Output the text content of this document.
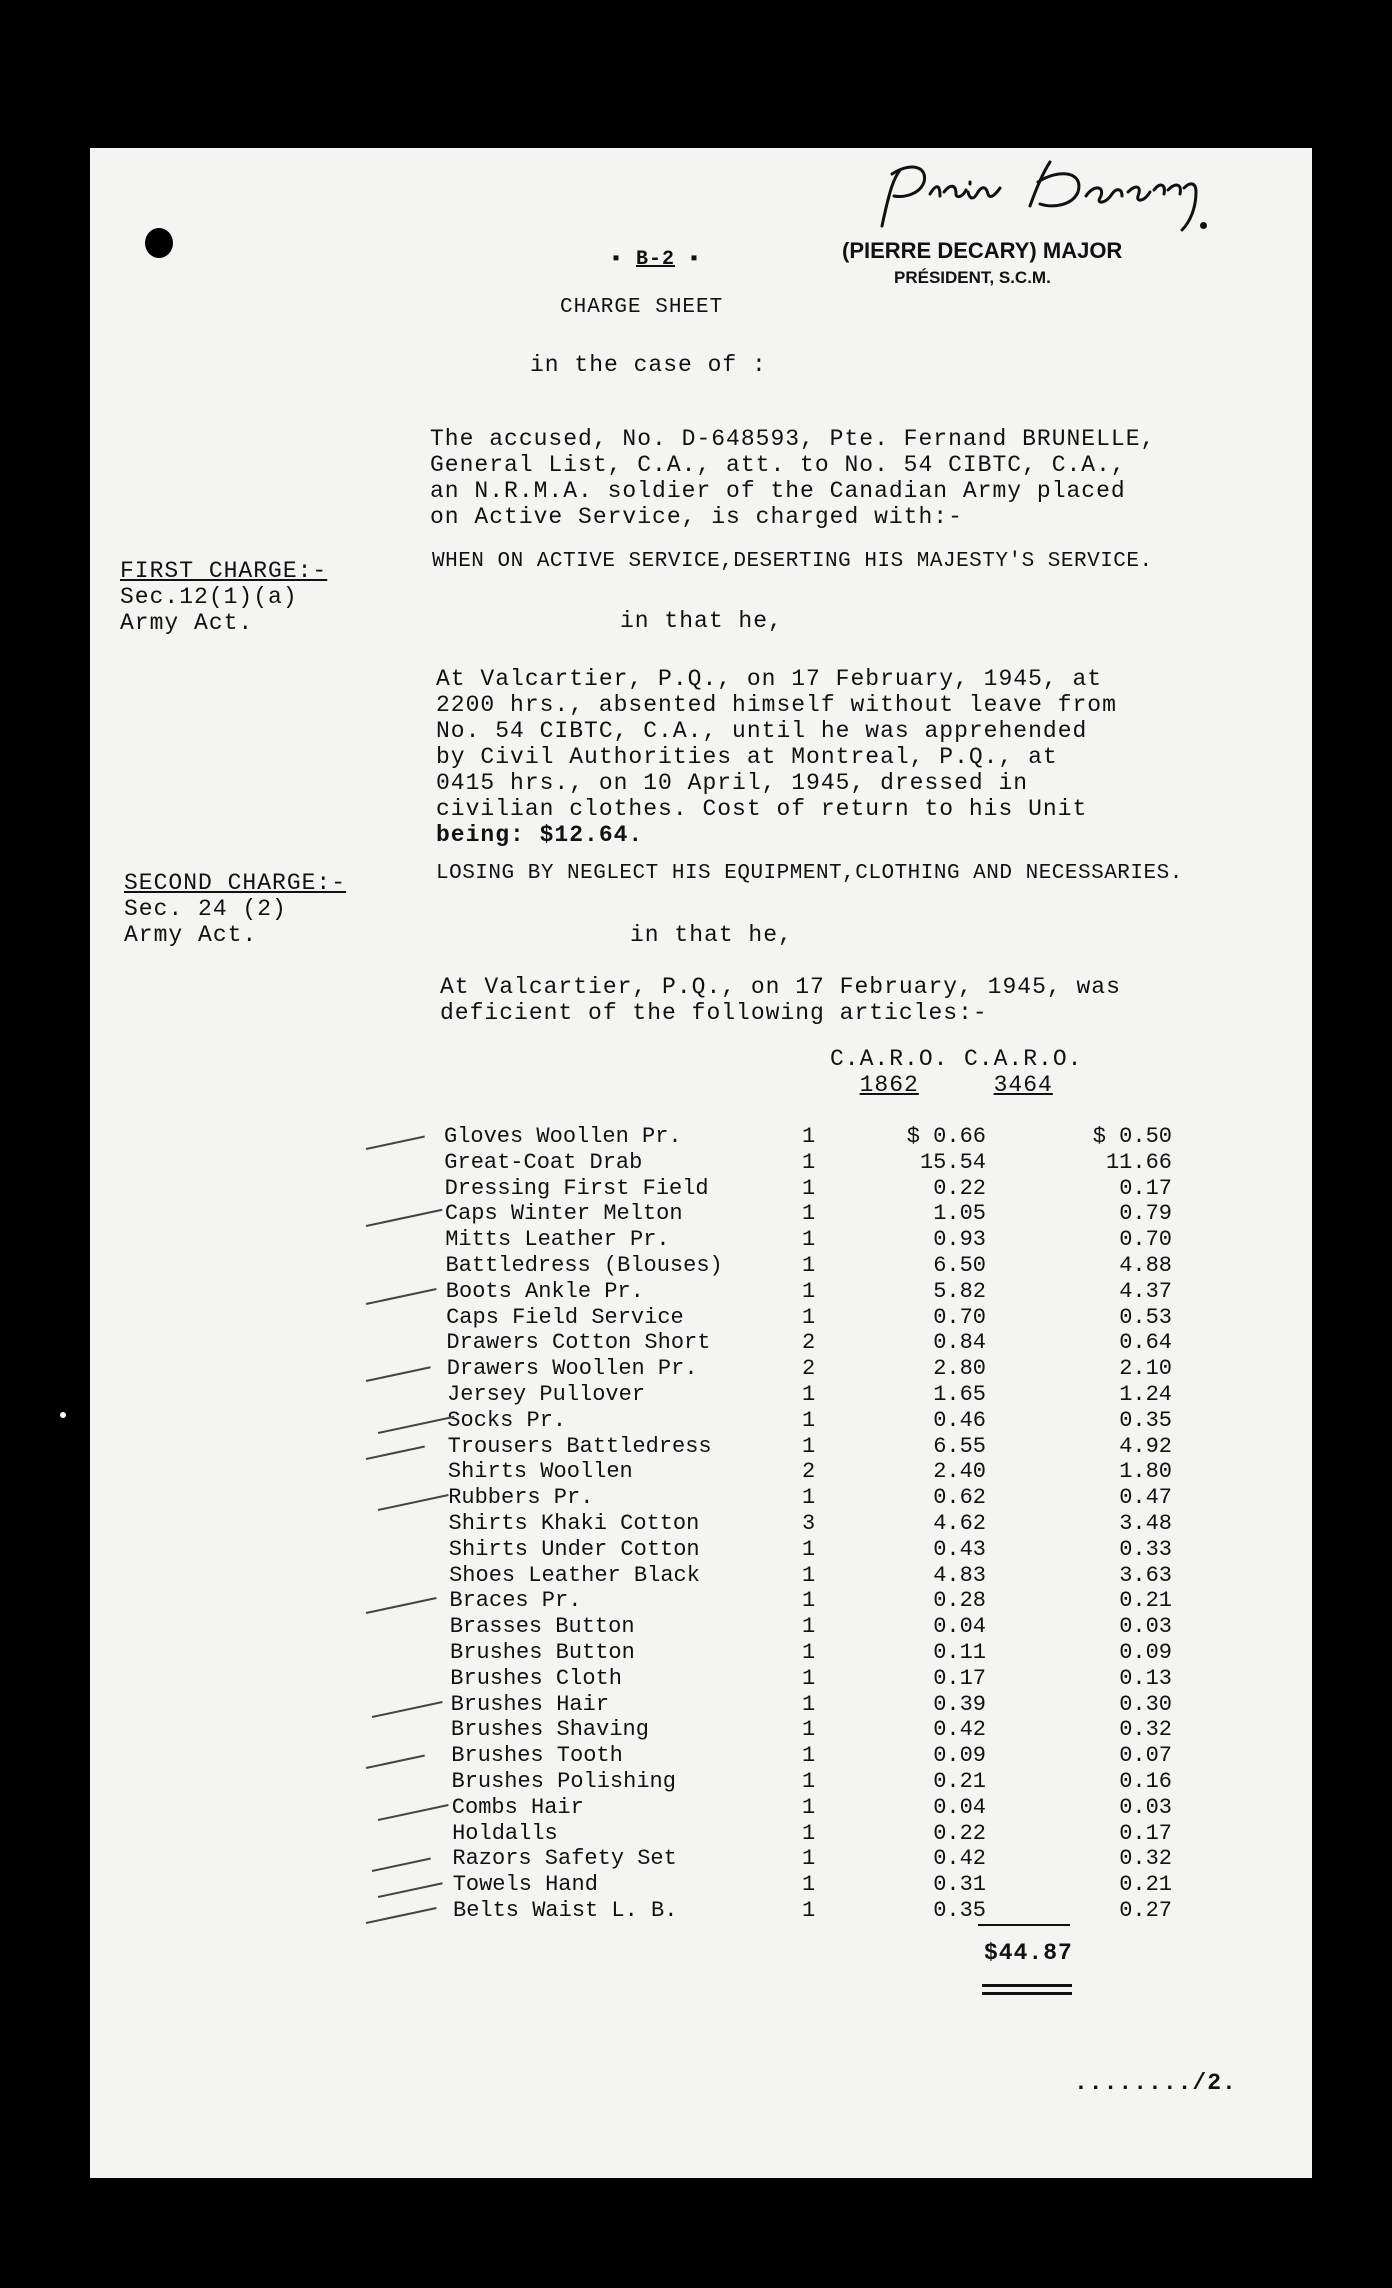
▪ B-2 ▪	(PIERRE DECARY) MAJOR
PRÉSIDENT, S.C.M.
CHARGE SHEET
in the case of :
The accused, No. D-648593, Pte. Fernand BRUNELLE,
General List, C.A., att. to No. 54 CIBTC, C.A.,
an N.R.M.A. soldier of the Canadian Army placed
on Active Service, is charged with:-
FIRST CHARGE:-
Sec.12(1)(a)
Army Act.
WHEN ON ACTIVE SERVICE,DESERTING HIS MAJESTY'S SERVICE.
in that he,
At Valcartier, P.Q., on 17 February, 1945, at
2200 hrs., absented himself without leave from
No. 54 CIBTC, C.A., until he was apprehended
by Civil Authorities at Montreal, P.Q., at
0415 hrs., on 10 April, 1945, dressed in
civilian clothes. Cost of return to his Unit
being: $12.64.
SECOND CHARGE:-
Sec. 24 (2)
Army Act.
LOSING BY NEGLECT HIS EQUIPMENT,CLOTHING AND NECESSARIES.
in that he,
At Valcartier, P.Q., on 17 February, 1945, was
deficient of the following articles:-
C.A.R.O.
1862
C.A.R.O.
3464
Gloves Woollen Pr.	1	$ 0.66	$ 0.50
Great-Coat Drab	1	15.54	11.66
Dressing First Field	1	0.22	0.17
Caps Winter Melton	1	1.05	0.79
Mitts Leather Pr.	1	0.93	0.70
Battledress (Blouses)	1	6.50	4.88
Boots Ankle Pr.	1	5.82	4.37
Caps Field Service	1	0.70	0.53
Drawers Cotton Short	2	0.84	0.64
Drawers Woollen Pr.	2	2.80	2.10
Jersey Pullover	1	1.65	1.24
Socks Pr.	1	0.46	0.35
Trousers Battledress	1	6.55	4.92
Shirts Woollen	2	2.40	1.80
Rubbers Pr.	1	0.62	0.47
Shirts Khaki Cotton	3	4.62	3.48
Shirts Under Cotton	1	0.43	0.33
Shoes Leather Black	1	4.83	3.63
Braces Pr.	1	0.28	0.21
Brasses Button	1	0.04	0.03
Brushes Button	1	0.11	0.09
Brushes Cloth	1	0.17	0.13
Brushes Hair	1	0.39	0.30
Brushes Shaving	1	0.42	0.32
Brushes Tooth	1	0.09	0.07
Brushes Polishing	1	0.21	0.16
Combs Hair	1	0.04	0.03
Holdalls	1	0.22	0.17
Razors Safety Set	1	0.42	0.32
Towels Hand	1	0.31	0.21
Belts Waist L. B.	1	0.35	0.27
$44.87
......../2.
